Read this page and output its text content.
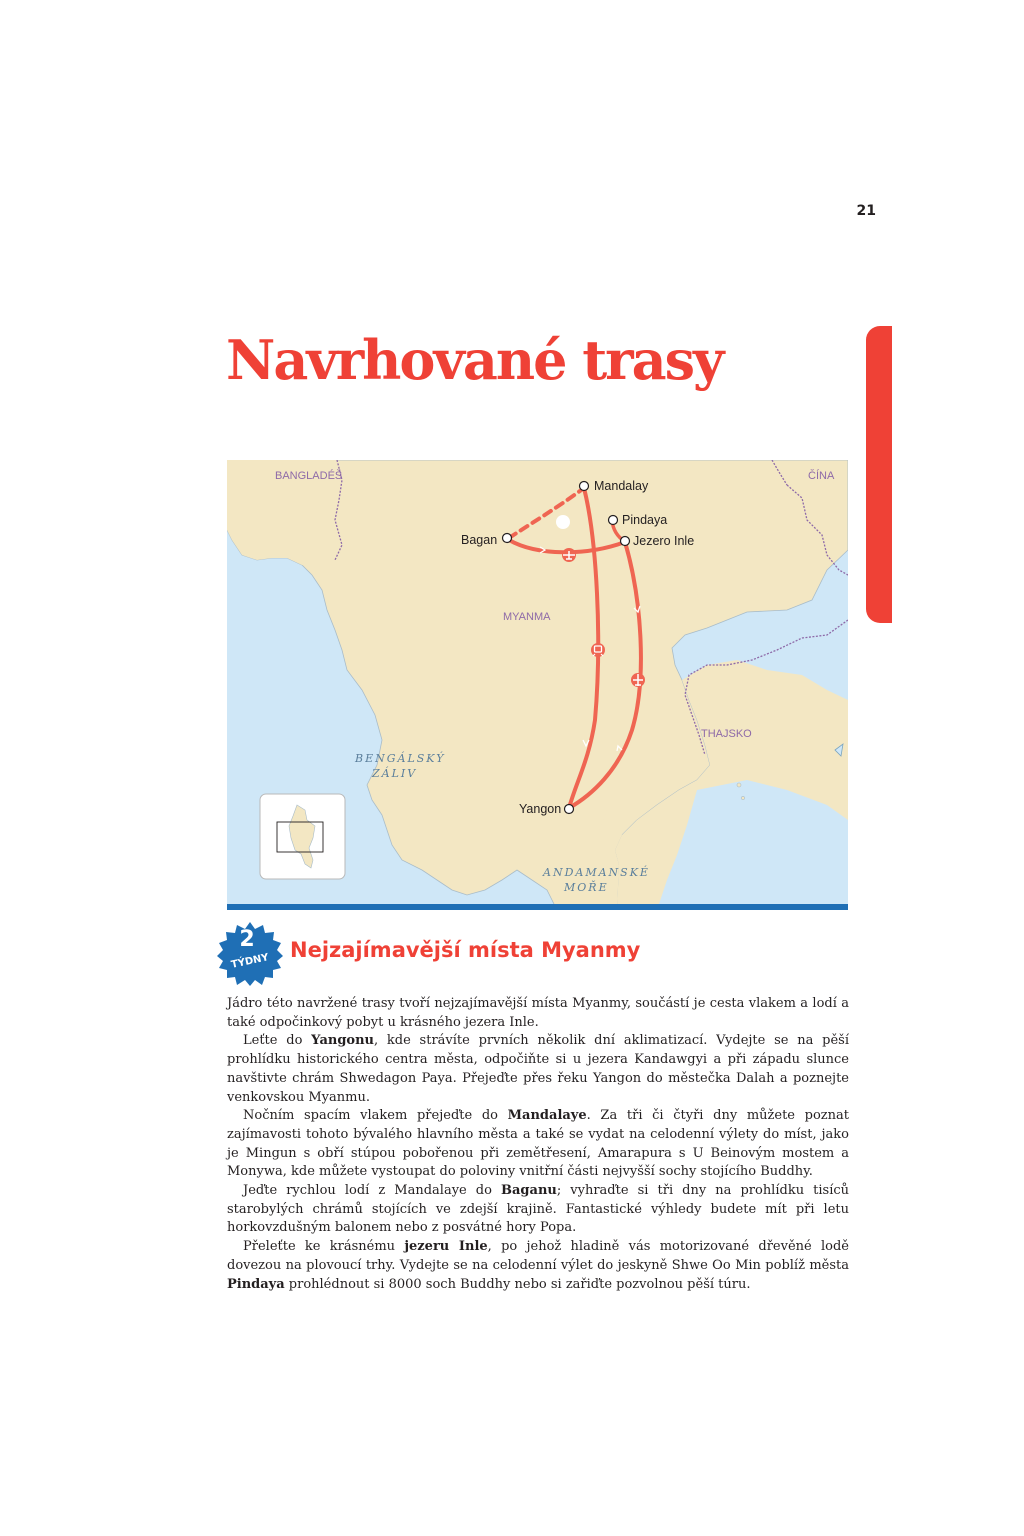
21
Navrhované trasy
Mandalay
Pindaya
Bagan	Jezero Inle
Yangon
BANGLADÉŠ	ČÍNA
MYANMA
THAJSKO
BENGÁLSKÝ
ZÁLIV
ANDAMANSKÉ
MOŘE
2
TÝDNY Nejzajímavější místa Myanmy

Jádro této navržené trasy tvoří nejzajímavější místa Myanmy, součástí je cesta vlakem a lodí a také odpočinkový pobyt u krásného jezera Inle.

Leťte do Yangonu, kde strávíte prvních několik dní aklimatizací. Vydejte se na pěší prohlídku historického centra města, odpočiňte si u jezera Kandawgyi a při západu slunce navštivte chrám Shwedagon Paya. Přejeďte přes řeku Yangon do městečka Dalah a poznejte venkovskou Myanmu.

Nočním spacím vlakem přejeďte do Mandalaye. Za tři či čtyři dny můžete poznat zajímavosti tohoto bývalého hlavního města a také se vydat na celodenní výlety do míst, jako je Mingun s obří stúpou pobořenou při zemětřesení, Amarapura s U Beinovým mostem a Monywa, kde můžete vystoupat do poloviny vnitřní části nejvyšší sochy stojícího Buddhy.

Jeďte rychlou lodí z Mandalaye do Baganu; vyhraďte si tři dny na prohlídku tisíců starobylých chrámů stojících ve zdejší krajině. Fantastické výhledy budete mít při letu horkovzdušným balonem nebo z posvátné hory Popa.

Přeleťte ke krásnému jezeru Inle, po jehož hladině vás motorizované dřevěné lodě dovezou na plovoucí trhy. Vydejte se na celodenní výlet do jeskyně Shwe Oo Min poblíž města Pindaya prohlédnout si 8000 soch Buddhy nebo si zařiďte pozvolnou pěší túru.
